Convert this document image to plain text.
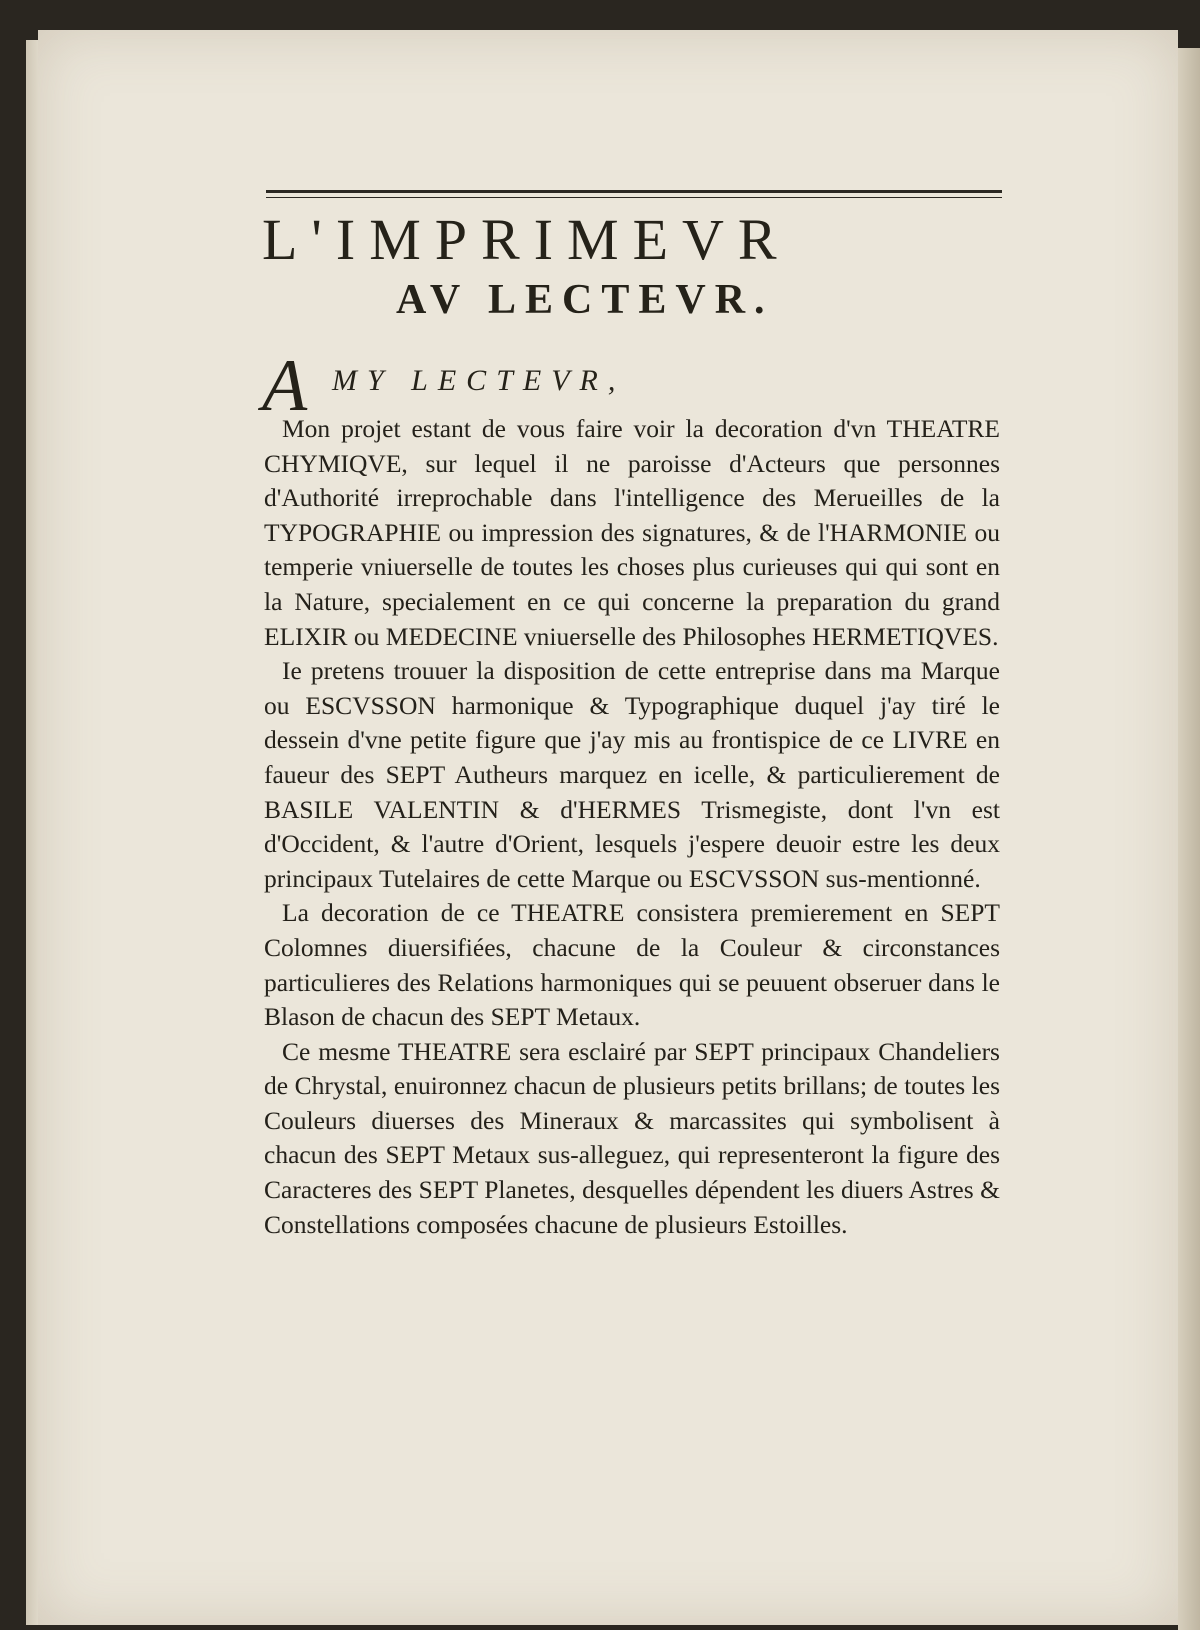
L'IMPRIMEVR
AV LECTEVR.
A MY LECTEVR,

Mon projet estant de vous faire voir la decoration d'vn THEATRE CHYMIQVE, sur lequel il ne paroisse d'Acteurs que personnes d'Authorité irreprochable dans l'intelligence des Merueilles de la TYPOGRAPHIE ou impression des signatures, & de l'HARMONIE ou temperie vniuerselle de toutes les choses plus curieuses qui qui sont en la Nature, specialement en ce qui concerne la preparation du grand ELIXIR ou MEDECINE vniuerselle des Philosophes HERMETIQVES.

Ie pretens trouuer la disposition de cette entreprise dans ma Marque ou ESCVSSON harmonique & Typographique duquel j'ay tiré le dessein d'vne petite figure que j'ay mis au frontispice de ce LIVRE en faueur des SEPT Autheurs marquez en icelle, & particulierement de BASILE VALENTIN & d'HERMES Trismegiste, dont l'vn est d'Occident, & l'autre d'Orient, lesquels j'espere deuoir estre les deux principaux Tutelaires de cette Marque ou ESCVSSON sus-mentionné.

La decoration de ce THEATRE consistera premierement en SEPT Colomnes diuersifiées, chacune de la Couleur & circonstances particulieres des Relations harmoniques qui se peuuent obseruer dans le Blason de chacun des SEPT Metaux.

Ce mesme THEATRE sera esclairé par SEPT principaux Chandeliers de Chrystal, enuironnez chacun de plusieurs petits brillans; de toutes les Couleurs diuerses des Mineraux & marcassites qui symbolisent à chacun des SEPT Metaux sus-alleguez, qui representeront la figure des Caracteres des SEPT Planetes, desquelles dépendent les diuers Astres & Constellations composées chacune de plusieurs Estoilles.
